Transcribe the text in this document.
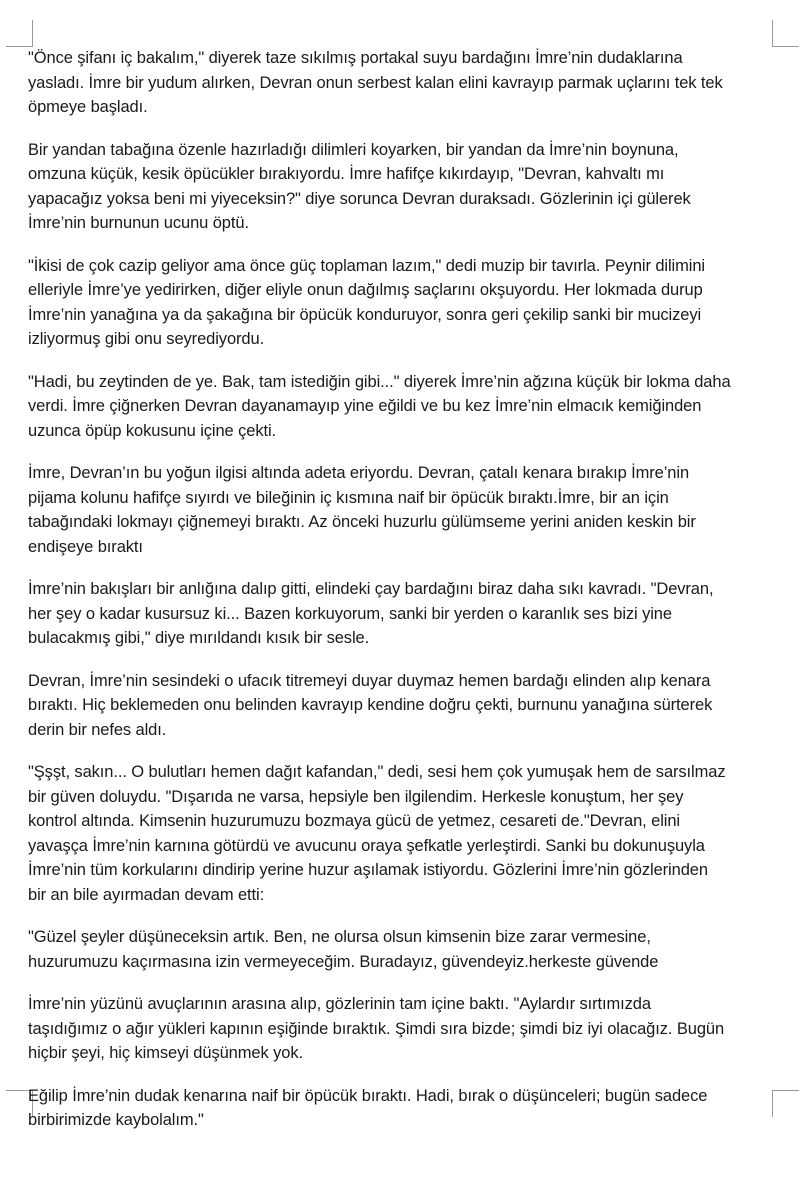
"Önce şifanı iç bakalım," diyerek taze sıkılmış portakal suyu bardağını İmre’nin dudaklarına
yasladı. İmre bir yudum alırken, Devran onun serbest kalan elini kavrayıp parmak uçlarını tek tek
öpmeye başladı.

Bir yandan tabağına özenle hazırladığı dilimleri koyarken, bir yandan da İmre’nin boynuna,
omzuna küçük, kesik öpücükler bırakıyordu. İmre hafifçe kıkırdayıp, "Devran, kahvaltı mı
yapacağız yoksa beni mi yiyeceksin?" diye sorunca Devran duraksadı. Gözlerinin içi gülerek
İmre’nin burnunun ucunu öptü.

"İkisi de çok cazip geliyor ama önce güç toplaman lazım," dedi muzip bir tavırla. Peynir dilimini
elleriyle İmre’ye yedirirken, diğer eliyle onun dağılmış saçlarını okşuyordu. Her lokmada durup
İmre’nin yanağına ya da şakağına bir öpücük konduruyor, sonra geri çekilip sanki bir mucizeyi
izliyormuş gibi onu seyrediyordu.

"Hadi, bu zeytinden de ye. Bak, tam istediğin gibi..." diyerek İmre’nin ağzına küçük bir lokma daha
verdi. İmre çiğnerken Devran dayanamayıp yine eğildi ve bu kez İmre’nin elmacık kemiğinden
uzunca öpüp kokusunu içine çekti.

İmre, Devran’ın bu yoğun ilgisi altında adeta eriyordu. Devran, çatalı kenara bırakıp İmre’nin
pijama kolunu hafifçe sıyırdı ve bileğinin iç kısmına naif bir öpücük bıraktı.İmre, bir an için
tabağındaki lokmayı çiğnemeyi bıraktı. Az önceki huzurlu gülümseme yerini aniden keskin bir
endişeye bıraktı

İmre’nin bakışları bir anlığına dalıp gitti, elindeki çay bardağını biraz daha sıkı kavradı. "Devran,
her şey o kadar kusursuz ki... Bazen korkuyorum, sanki bir yerden o karanlık ses bizi yine
bulacakmış gibi," diye mırıldandı kısık bir sesle.

Devran, İmre’nin sesindeki o ufacık titremeyi duyar duymaz hemen bardağı elinden alıp kenara
bıraktı. Hiç beklemeden onu belinden kavrayıp kendine doğru çekti, burnunu yanağına sürterek
derin bir nefes aldı.

"Şşşt, sakın... O bulutları hemen dağıt kafandan," dedi, sesi hem çok yumuşak hem de sarsılmaz
bir güven doluydu. "Dışarıda ne varsa, hepsiyle ben ilgilendim. Herkesle konuştum, her şey
kontrol altında. Kimsenin huzurumuzu bozmaya gücü de yetmez, cesareti de."Devran, elini
yavaşça İmre’nin karnına götürdü ve avucunu oraya şefkatle yerleştirdi. Sanki bu dokunuşuyla
İmre’nin tüm korkularını dindirip yerine huzur aşılamak istiyordu. Gözlerini İmre’nin gözlerinden
bir an bile ayırmadan devam etti:

"Güzel şeyler düşüneceksin artık. Ben, ne olursa olsun kimsenin bize zarar vermesine,
huzurumuzu kaçırmasına izin vermeyeceğim. Buradayız, güvendeyiz.herkeste güvende

İmre’nin yüzünü avuçlarının arasına alıp, gözlerinin tam içine baktı. "Aylardır sırtımızda
taşıdığımız o ağır yükleri kapının eşiğinde bıraktık. Şimdi sıra bizde; şimdi biz iyi olacağız. Bugün
hiçbir şeyi, hiç kimseyi düşünmek yok.

Eğilip İmre’nin dudak kenarına naif bir öpücük bıraktı. Hadi, bırak o düşünceleri; bugün sadece
birbirimizde kaybolalım."
